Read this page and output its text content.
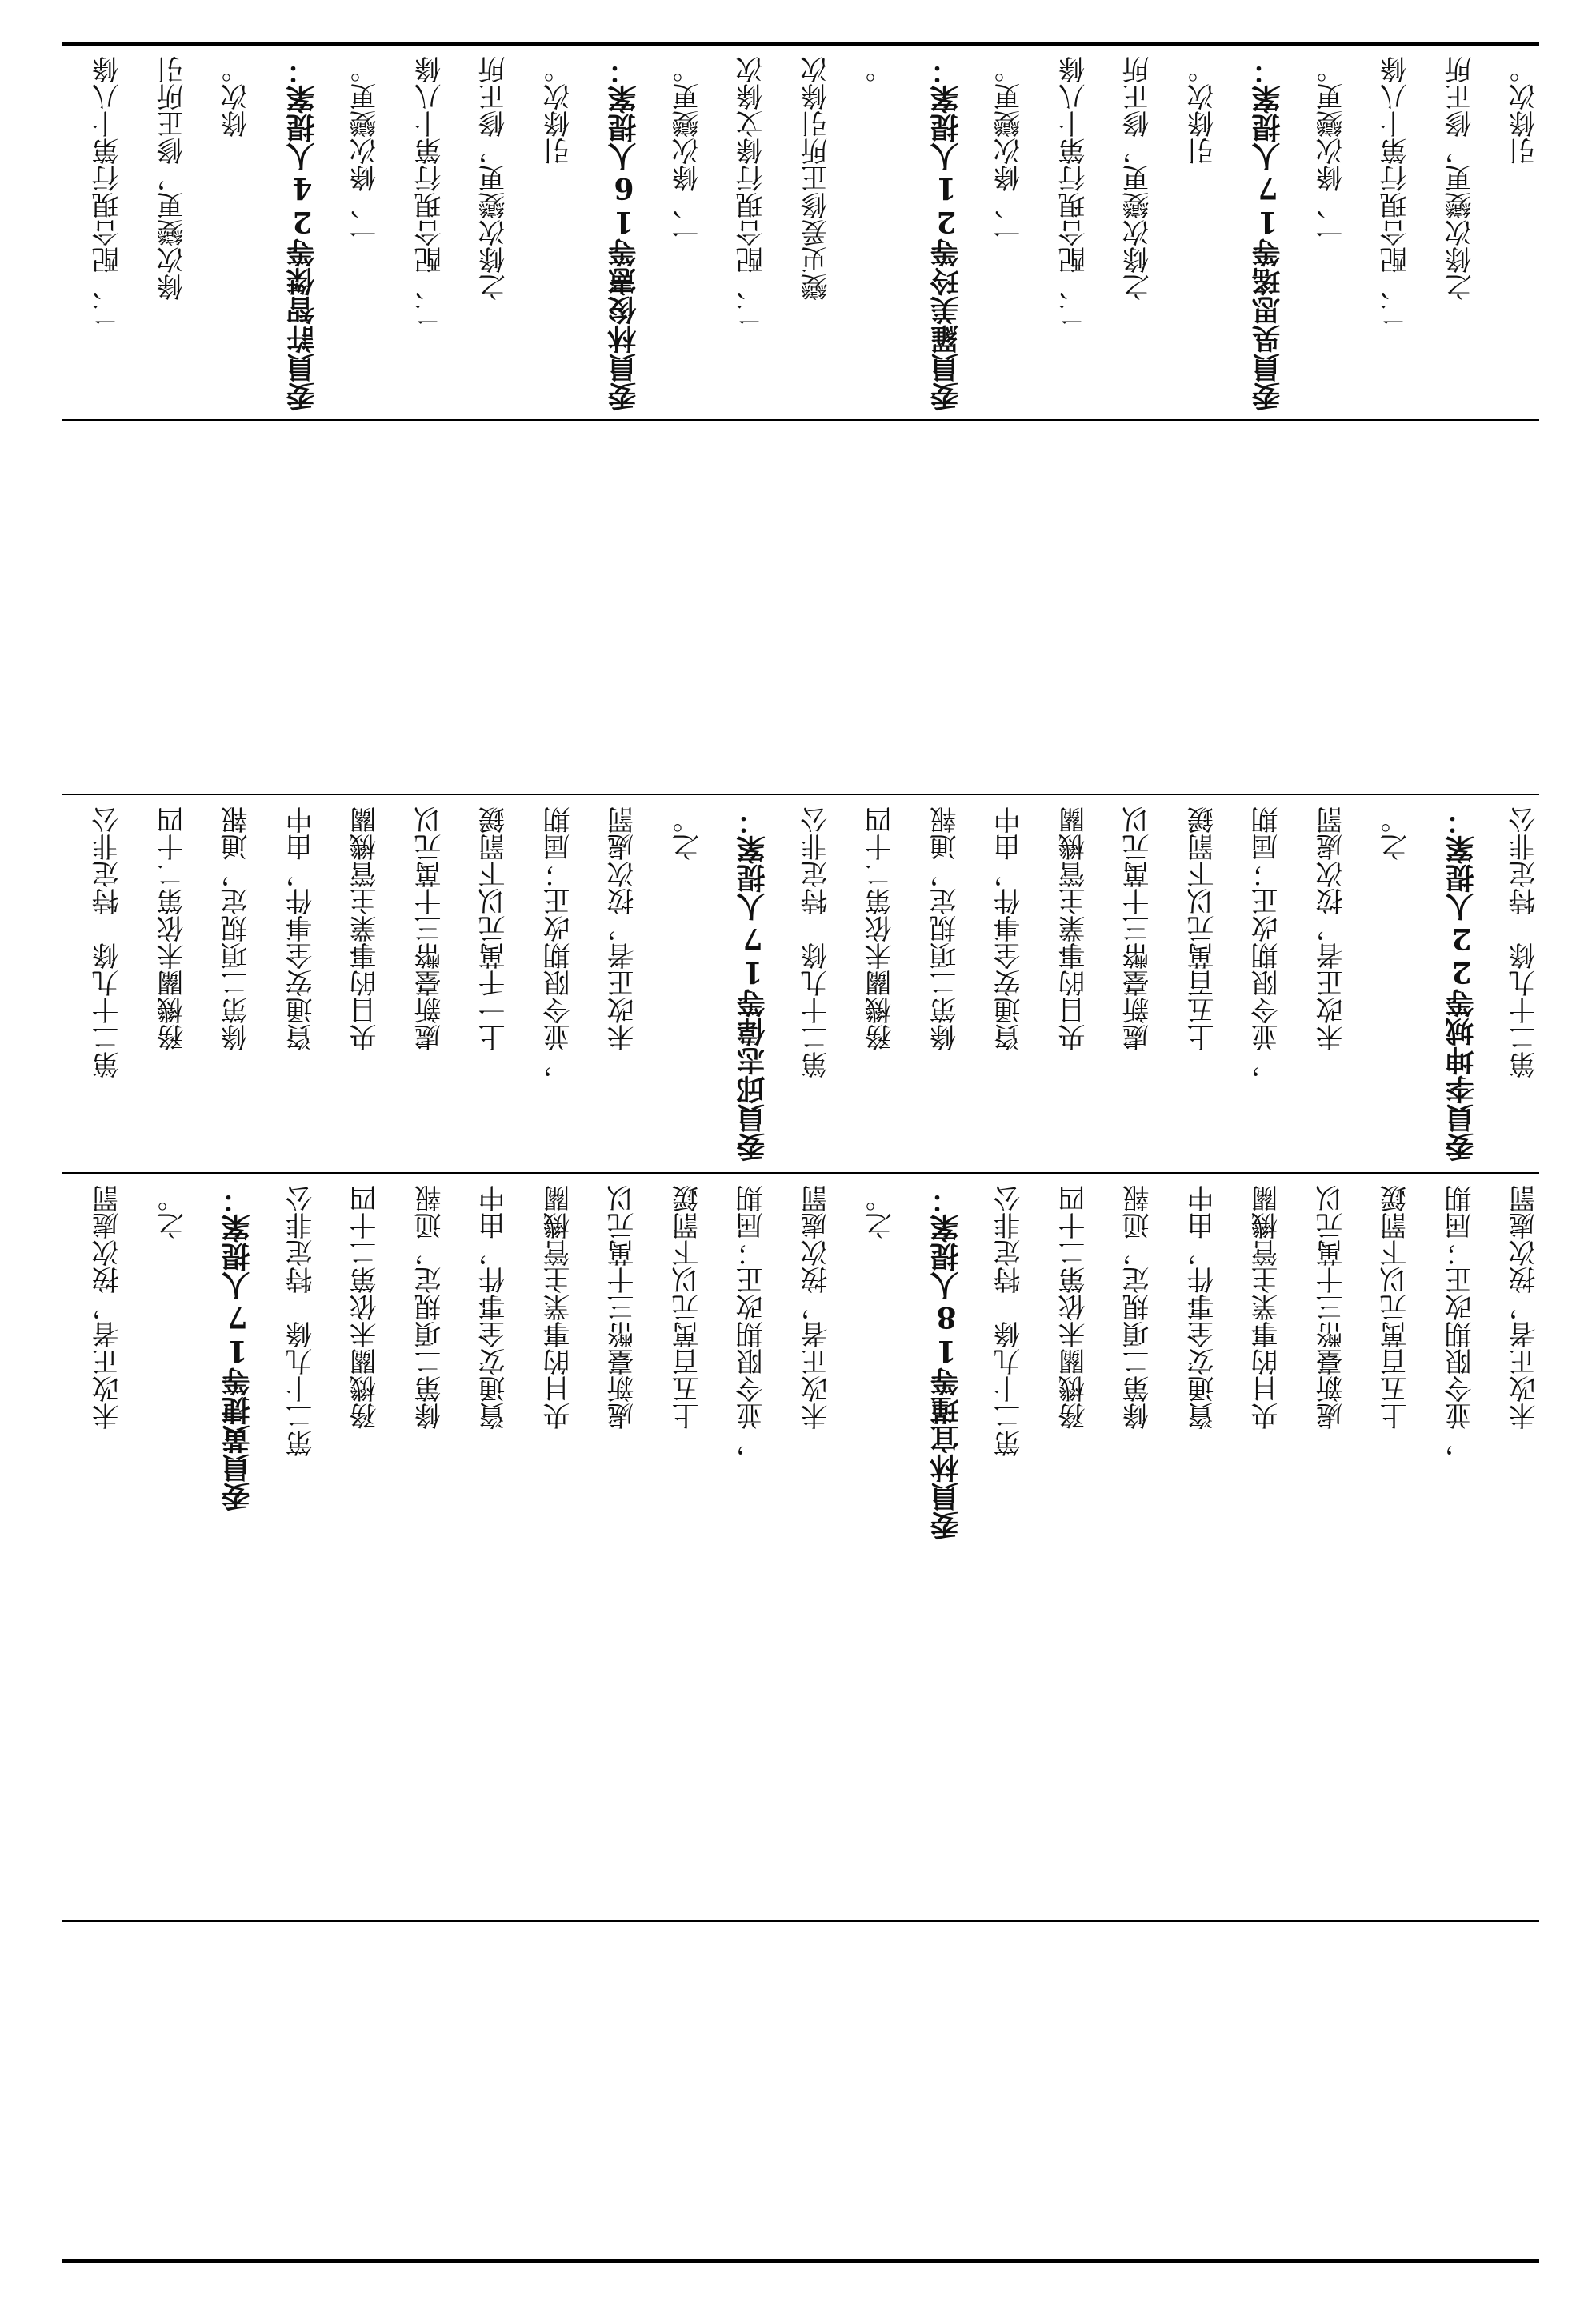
二、配合現行第十八條 條次變更，修正所引 條次。 委員許智傑等24人提案： 一、條次變更。 二、配合現行第十八條 之條次變更，修正所 引條次。 委員林俊憲等16人提案： 一、條次變更。 二、配合現行條文條次 變更爰修正所引條次 。 委員羅美玲等21人提案： 一、條次變更。 二、配合現行第十八條 之條次變更，修正所 引條次。 委員吳思瑤等17人提案： 一、條次變更。 二、配合現行第十八條 之條次變更，修正所 引條次。
第二十九條　特定非公 務機關未依第二十四 條第二項規定，通報 資通安全事件，由中 央目的事業主管機關 處新臺幣三十萬元以 上一千萬元以下罰鍰 ，並令限期改正；屆期 未改正者，按次處罰 之。 委員邱志偉等17人提案： 第二十九條　特定非公 務機關未依第二十四 條第二項規定，通報 資通安全事件，由中 央目的事業主管機關 處新臺幣三十萬元以 上五百萬元以下罰鍰 ，並令限期改正；屆期 未改正者，按次處罰 之。 委員李坤城等22人提案： 第二十九條　特定非公
未改正者，按次處罰 之。 委員黃捷等17人提案： 第二十九條　特定非公 務機關未依第二十四 條第二項規定，通報 資通安全事件，由中 央目的事業主管機關 處新臺幣三十萬元以 上五百萬元以下罰鍰 ，並令限期改正；屆期 未改正者，按次處罰 之。 委員林宜瑾等18人提案： 第二十九條　特定非公 務機關未依第二十四 條第二項規定，通報 資通安全事件，由中 央目的事業主管機關 處新臺幣三十萬元以 上五百萬元以下罰鍰 ，並令限期改正；屆期 未改正者，按次處罰
